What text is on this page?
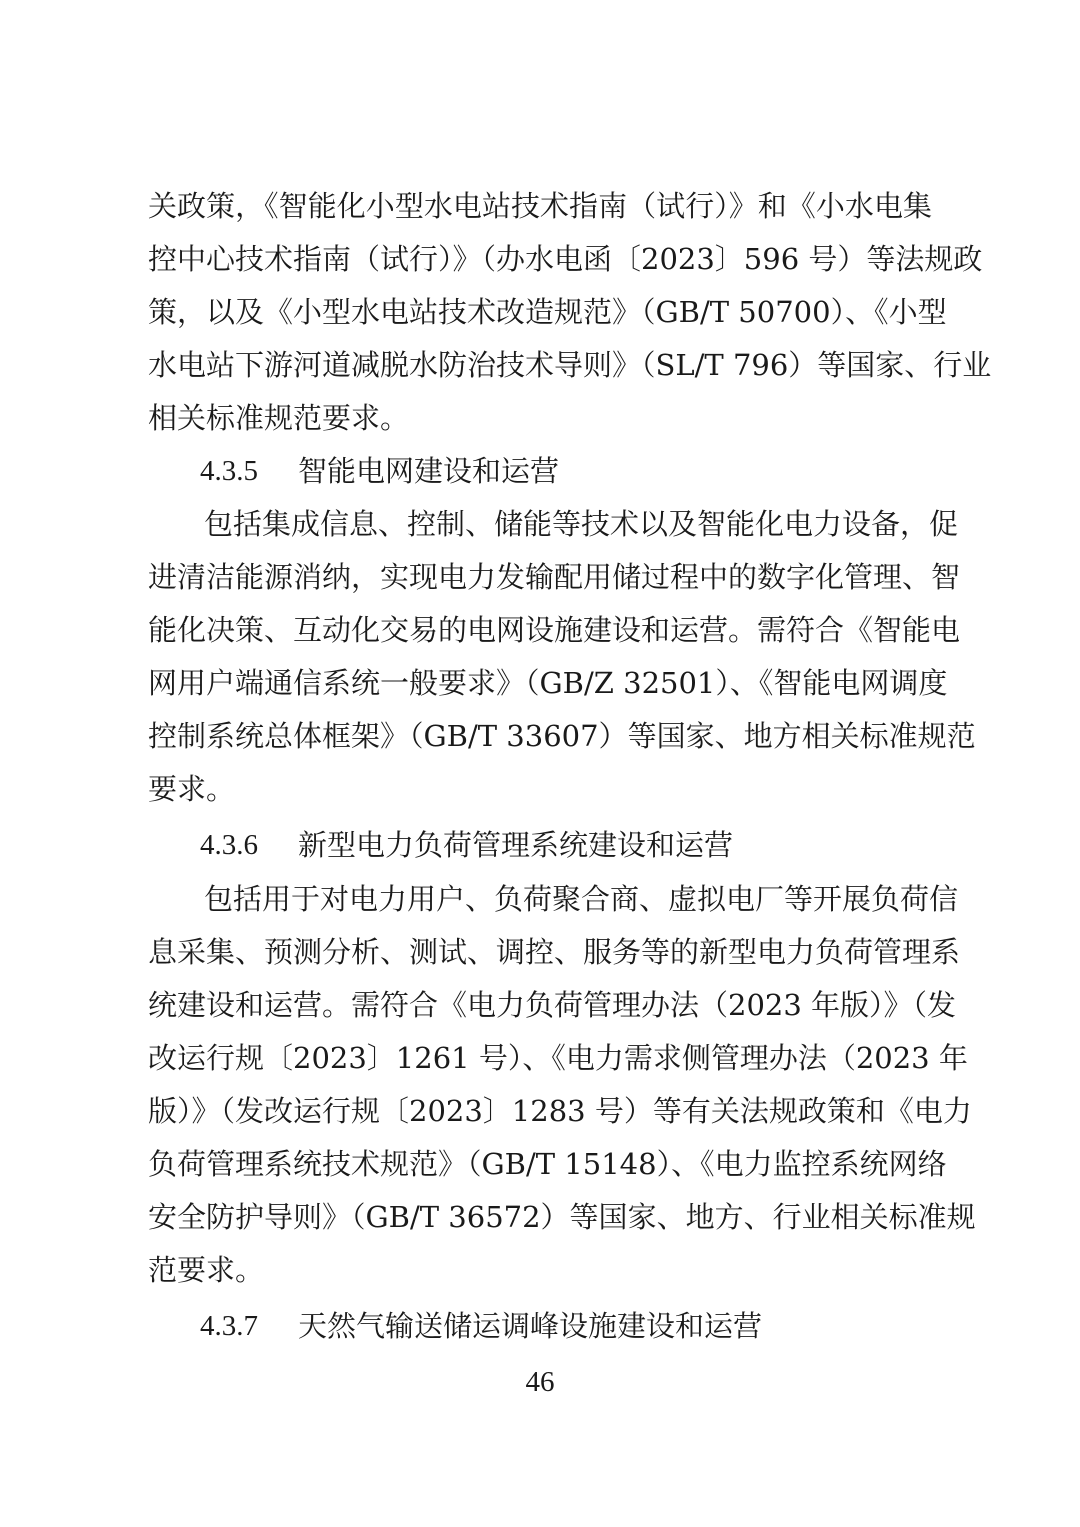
关政策，《智能化小型水电站技术指南（试行）》和《小水电集
控中心技术指南（试行）》（办水电函〔2023〕596 号）等法规政
策，以及《小型水电站技术改造规范》（GB/T 50700）、《小型
水电站下游河道减脱水防治技术导则》（SL/T 796）等国家、行业
相关标准规范要求。
4.3.5 智能电网建设和运营
包括集成信息、控制、储能等技术以及智能化电力设备，促
进清洁能源消纳，实现电力发输配用储过程中的数字化管理、智
能化决策、互动化交易的电网设施建设和运营。需符合《智能电
网用户端通信系统一般要求》（GB/Z 32501）、《智能电网调度
控制系统总体框架》（GB/T 33607）等国家、地方相关标准规范
要求。
4.3.6 新型电力负荷管理系统建设和运营
包括用于对电力用户、负荷聚合商、虚拟电厂等开展负荷信
息采集、预测分析、测试、调控、服务等的新型电力负荷管理系
统建设和运营。需符合《电力负荷管理办法（2023 年版）》（发
改运行规〔2023〕1261 号）、《电力需求侧管理办法（2023 年
版）》（发改运行规〔2023〕1283 号）等有关法规政策和《电力
负荷管理系统技术规范》（GB/T 15148）、《电力监控系统网络
安全防护导则》（GB/T 36572）等国家、地方、行业相关标准规
范要求。
4.3.7 天然气输送储运调峰设施建设和运营
46
